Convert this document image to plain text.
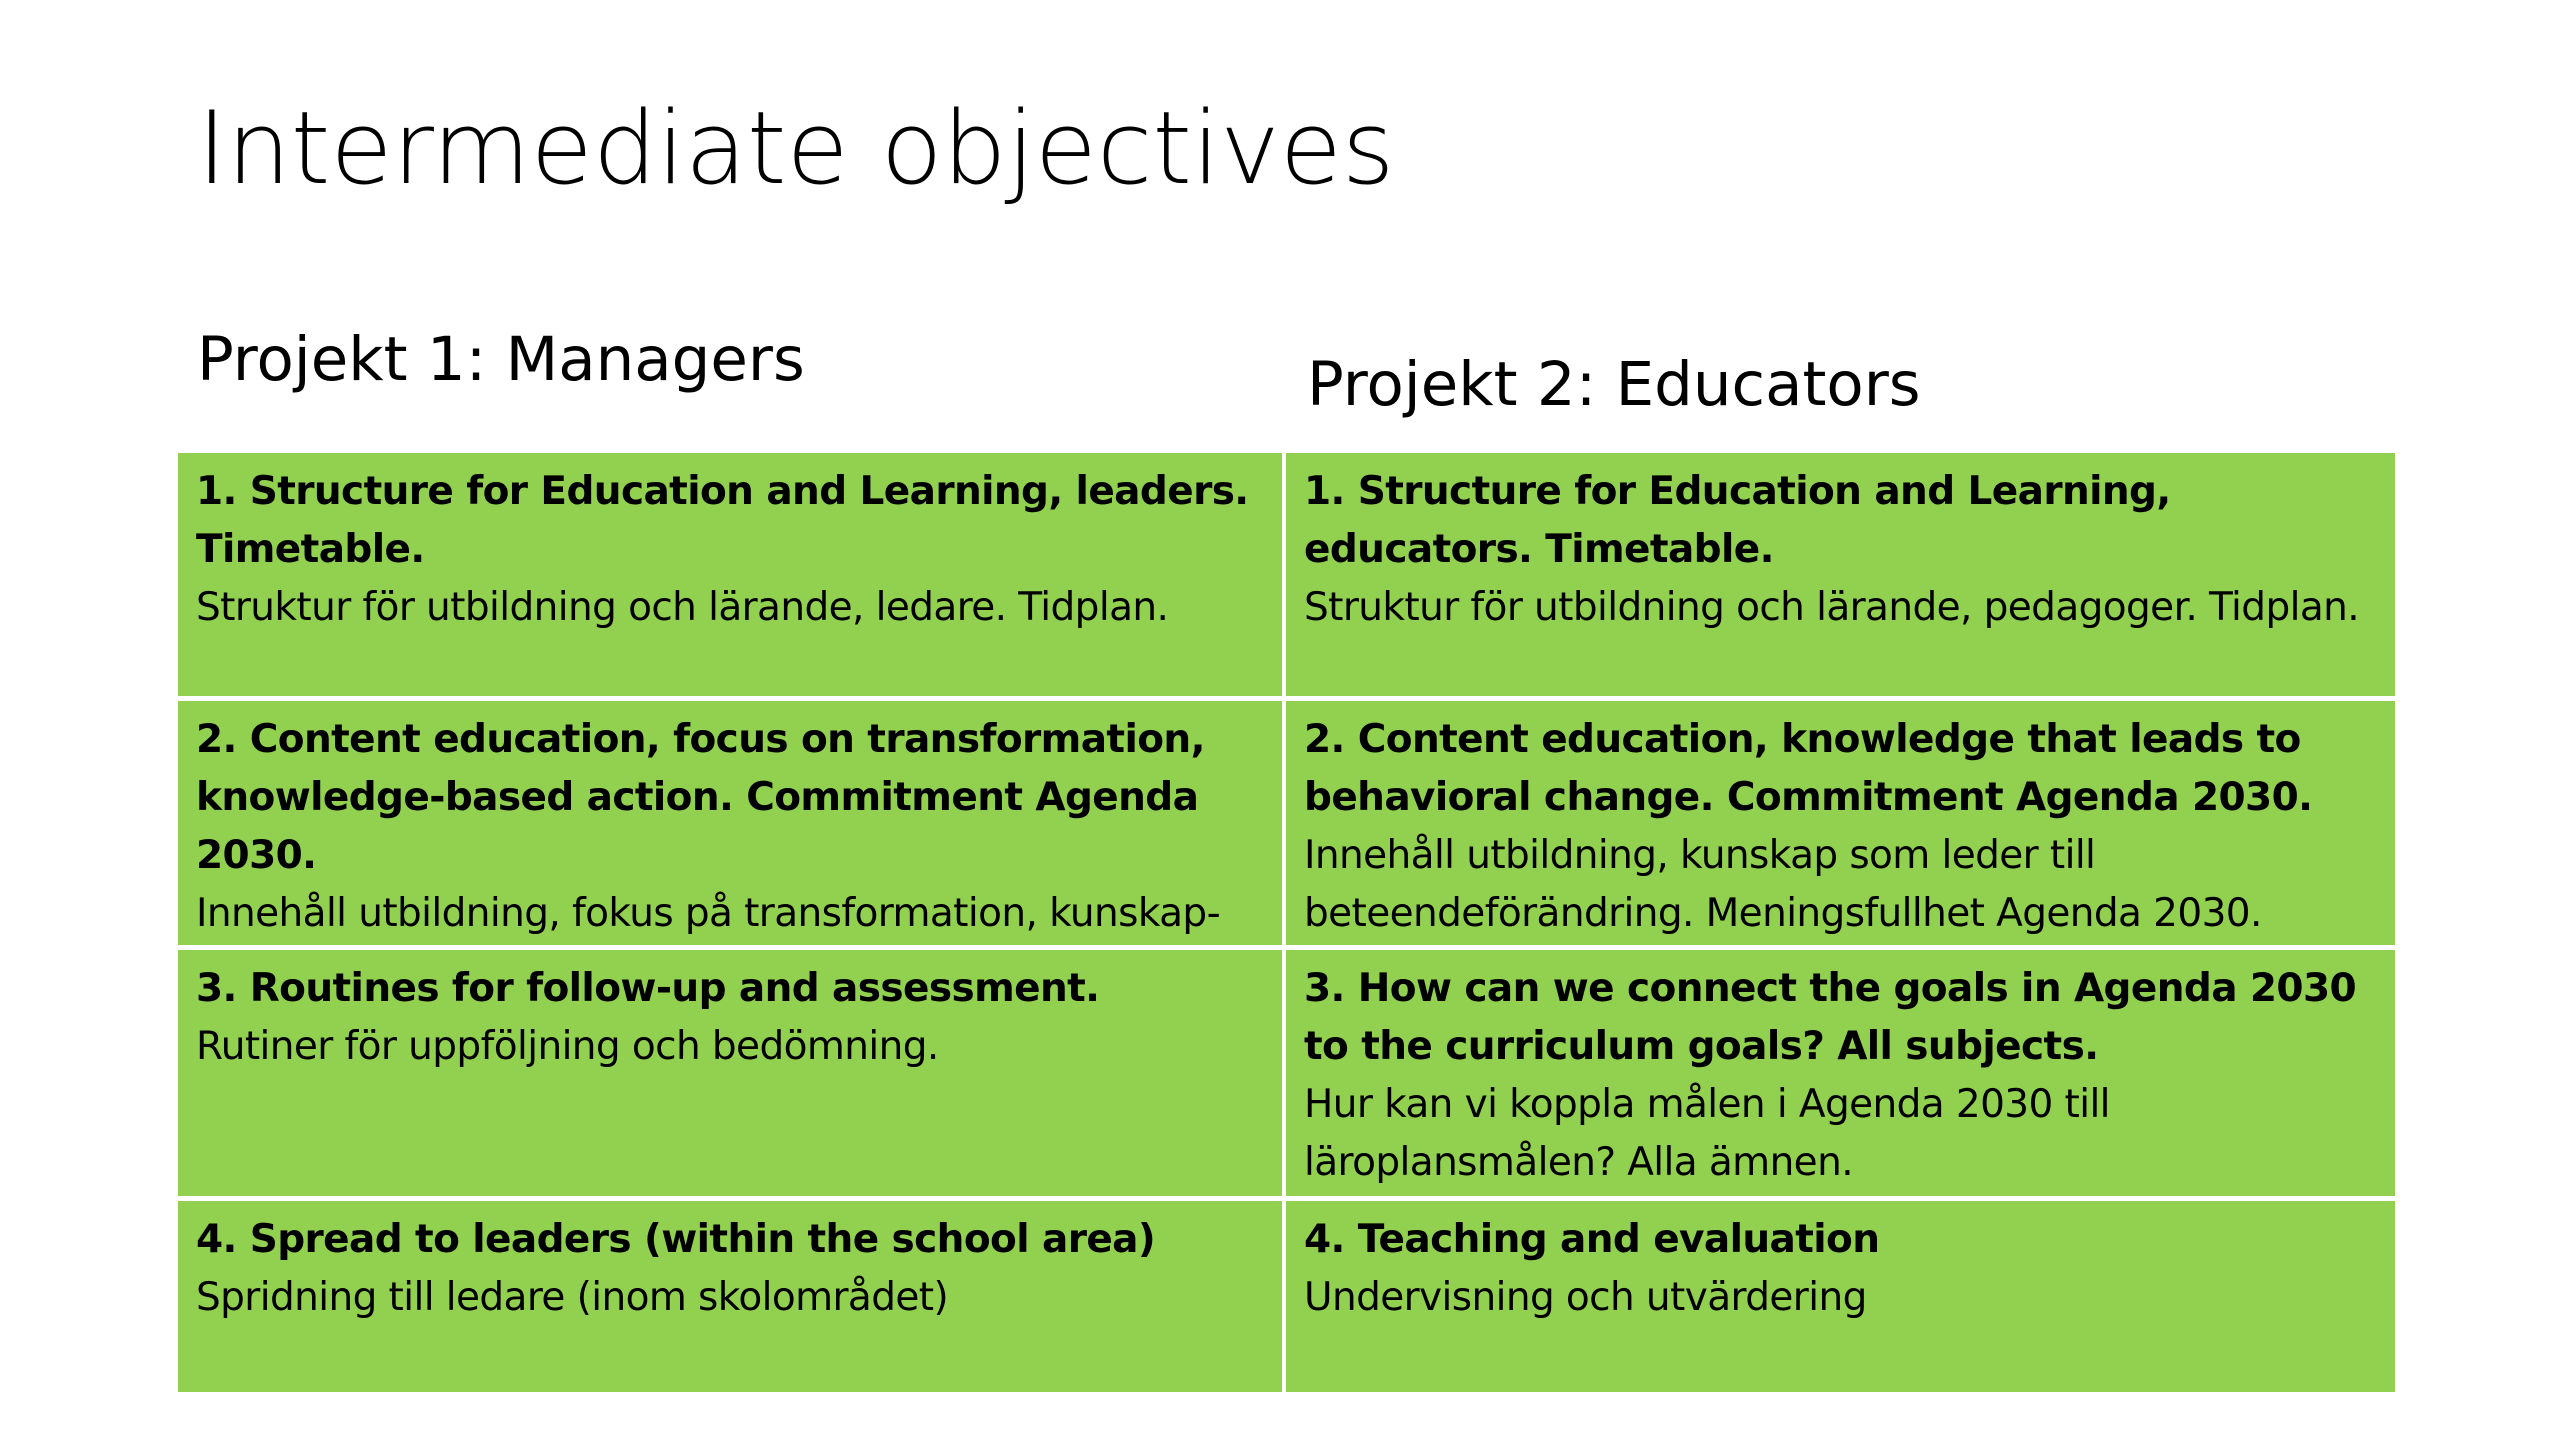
Intermediate objectives
Projekt 1: Managers	Projekt 2: Educators
1. Structure for Education and Learning, leaders. Timetable.
Struktur för utbildning och lärande, ledare. Tidplan.
1. Structure for Education and Learning, educators. Timetable.
Struktur för utbildning och lärande, pedagoger. Tidplan.
2. Content education, focus on transformation, knowledge-based action. Commitment Agenda 2030.
Innehåll utbildning, fokus på transformation, kunskap-
2. Content education, knowledge that leads to behavioral change. Commitment Agenda 2030.
Innehåll utbildning, kunskap som leder till beteendeförändring. Meningsfullhet Agenda 2030.
3. Routines for follow-up and assessment.
Rutiner för uppföljning och bedömning.
3. How can we connect the goals in Agenda 2030 to the curriculum goals? All subjects.
Hur kan vi koppla målen i Agenda 2030 till läroplansmålen? Alla ämnen.
4. Spread to leaders (within the school area)
Spridning till ledare (inom skolområdet)
4. Teaching and evaluation
Undervisning och utvärdering
